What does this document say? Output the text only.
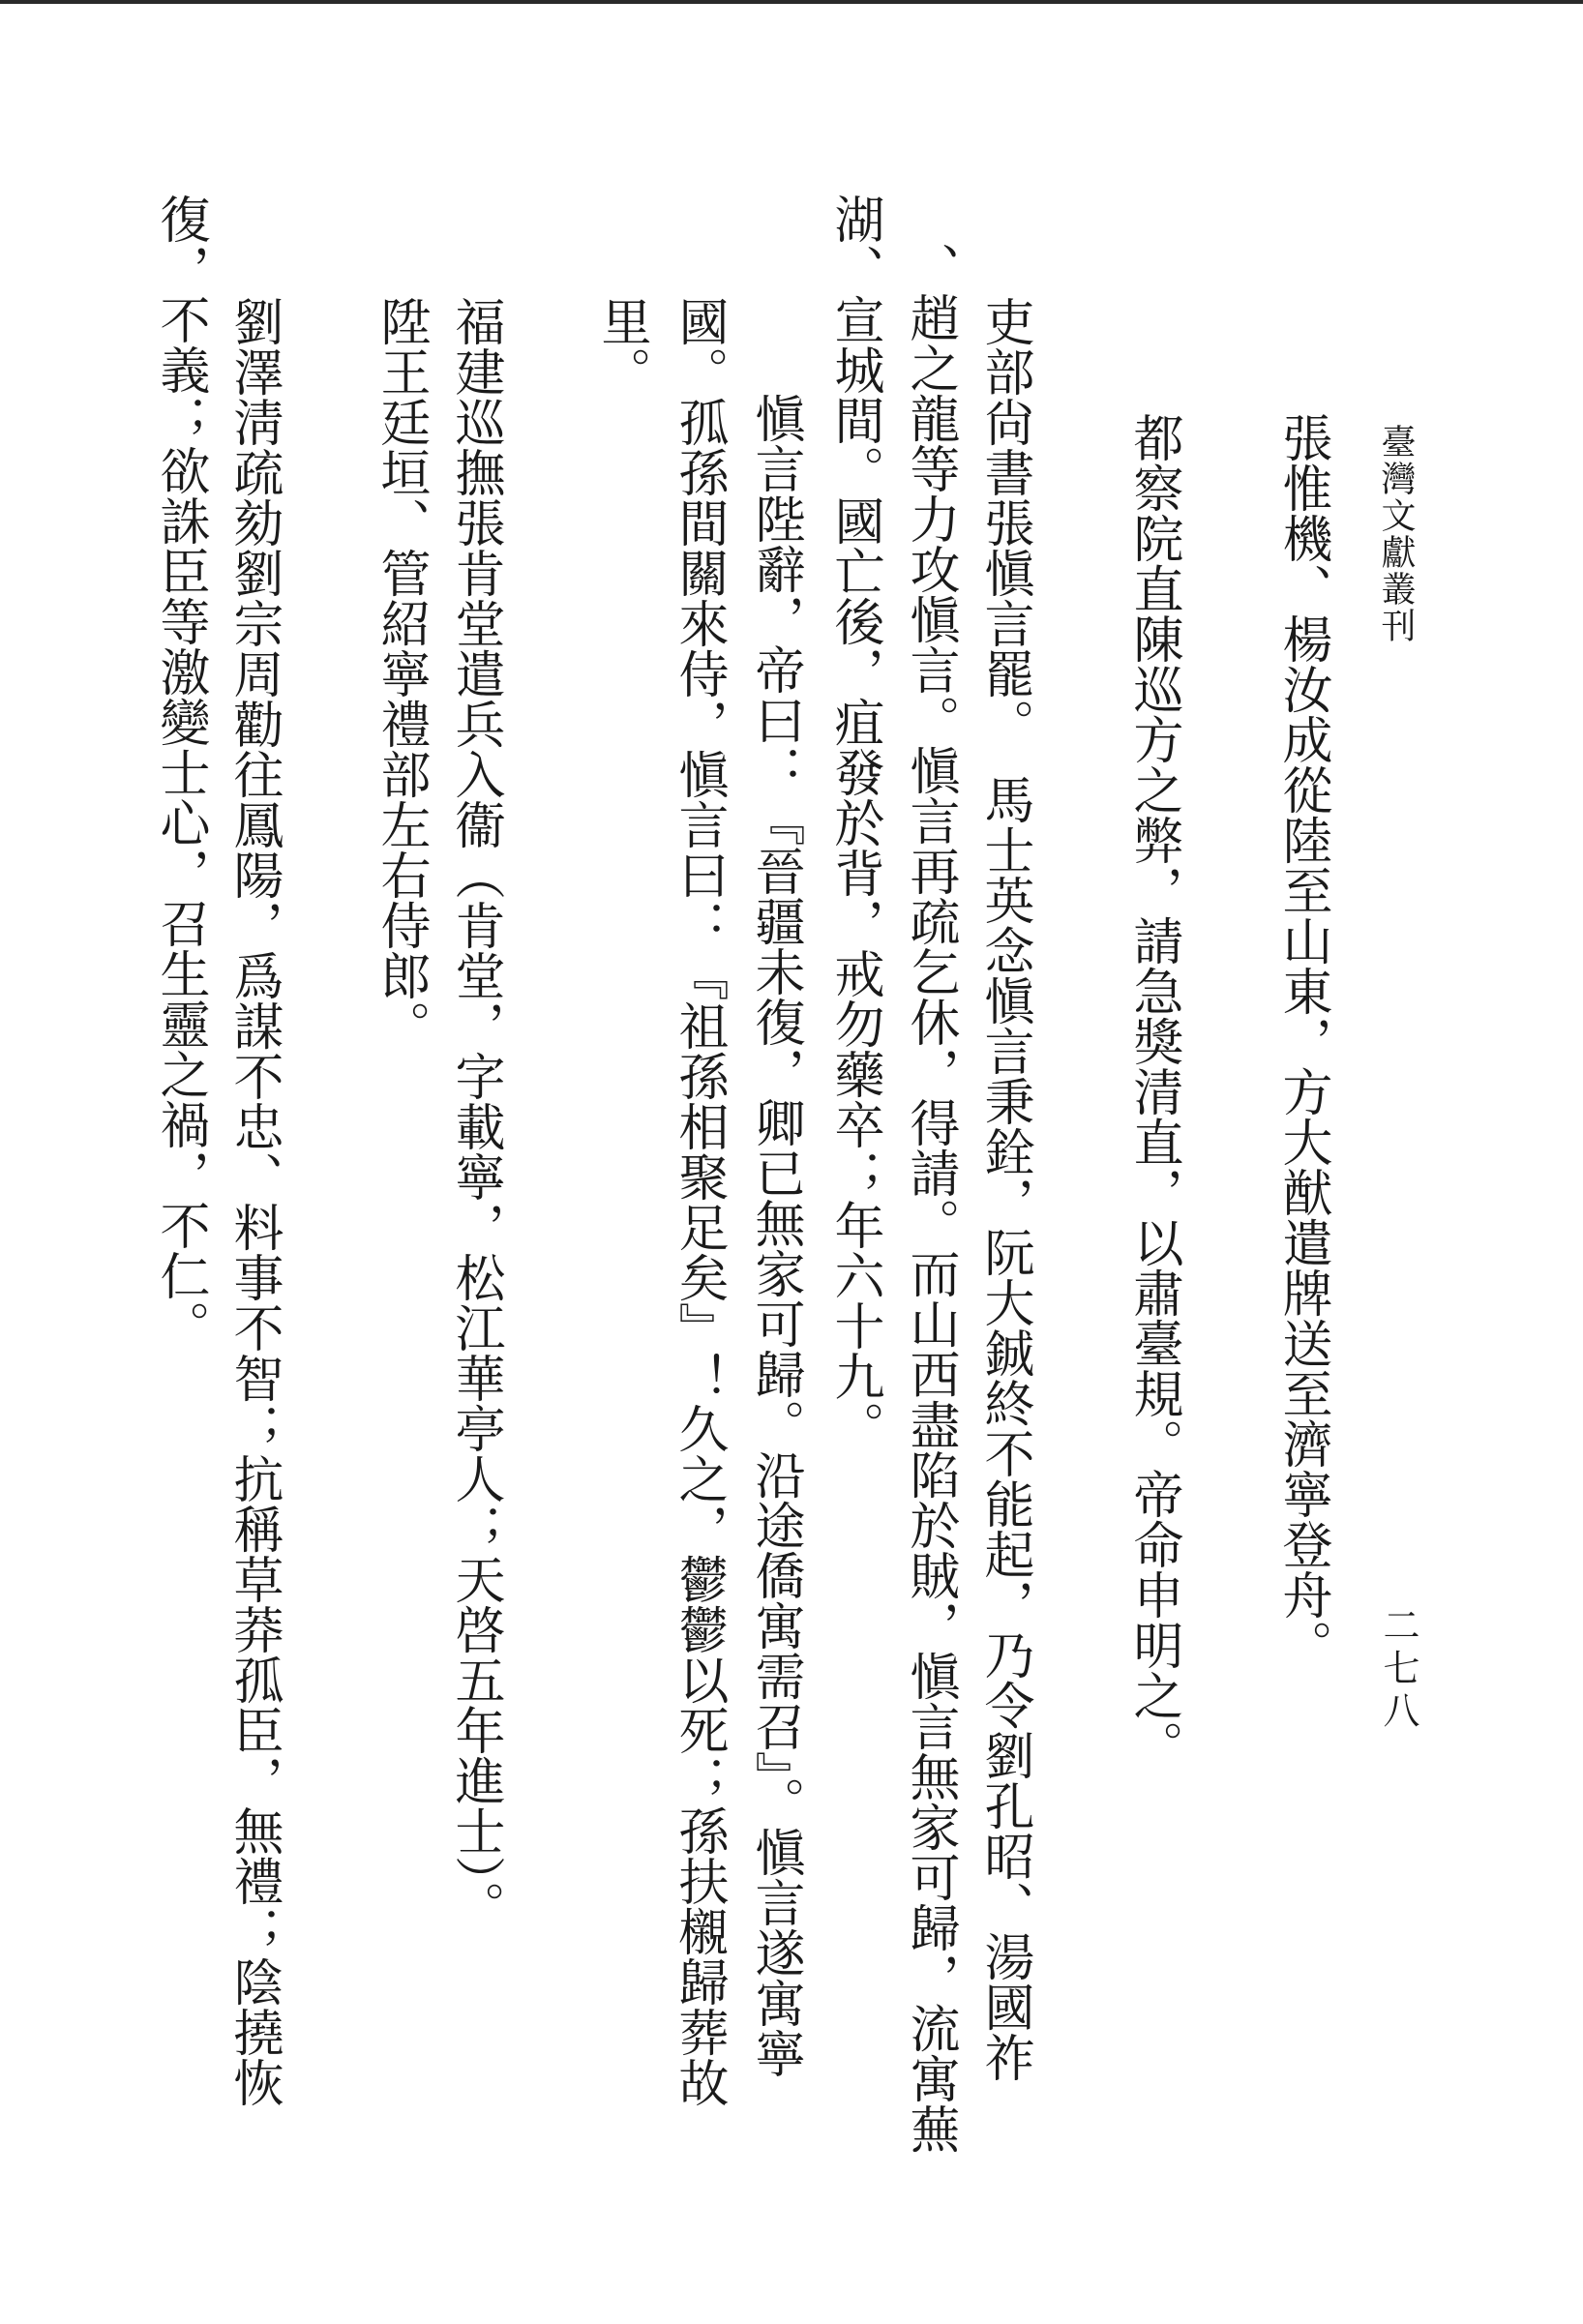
臺灣文獻叢刊
二七八
張惟機、楊汝成從陸至山東，方大猷遣牌送至濟寧登舟。
都察院直陳巡方之弊，請急獎清直，以肅臺規。帝命申明之。
吏部尙書張愼言罷。　馬士英念愼言秉銓，阮大鋮終不能起，乃令劉孔昭、湯國祚
、趙之龍等力攻愼言。愼言再疏乞休，得請。而山西盡陷於賊，愼言無家可歸，流寓蕪
湖、宣城間。國亡後，疽發於背，戒勿藥卒；年六十九。
愼言陛辭，帝曰：『晉疆未復，卿已無家可歸。沿途僑寓需召』。愼言遂寓寧
國。孤孫間關來侍，愼言曰：『祖孫相聚足矣』！久之，鬱鬱以死；孫扶櫬歸葬故
里。
福建巡撫張肯堂遣兵入衞（肯堂，字載寧，松江華亭人；天啓五年進士）。
陞王廷垣、管紹寧禮部左右侍郎。
劉澤淸疏劾劉宗周勸往鳳陽，爲謀不忠、料事不智；抗稱草莽孤臣，無禮；陰撓恢
復，不義；欲誅臣等激變士心，召生靈之禍，不仁。
